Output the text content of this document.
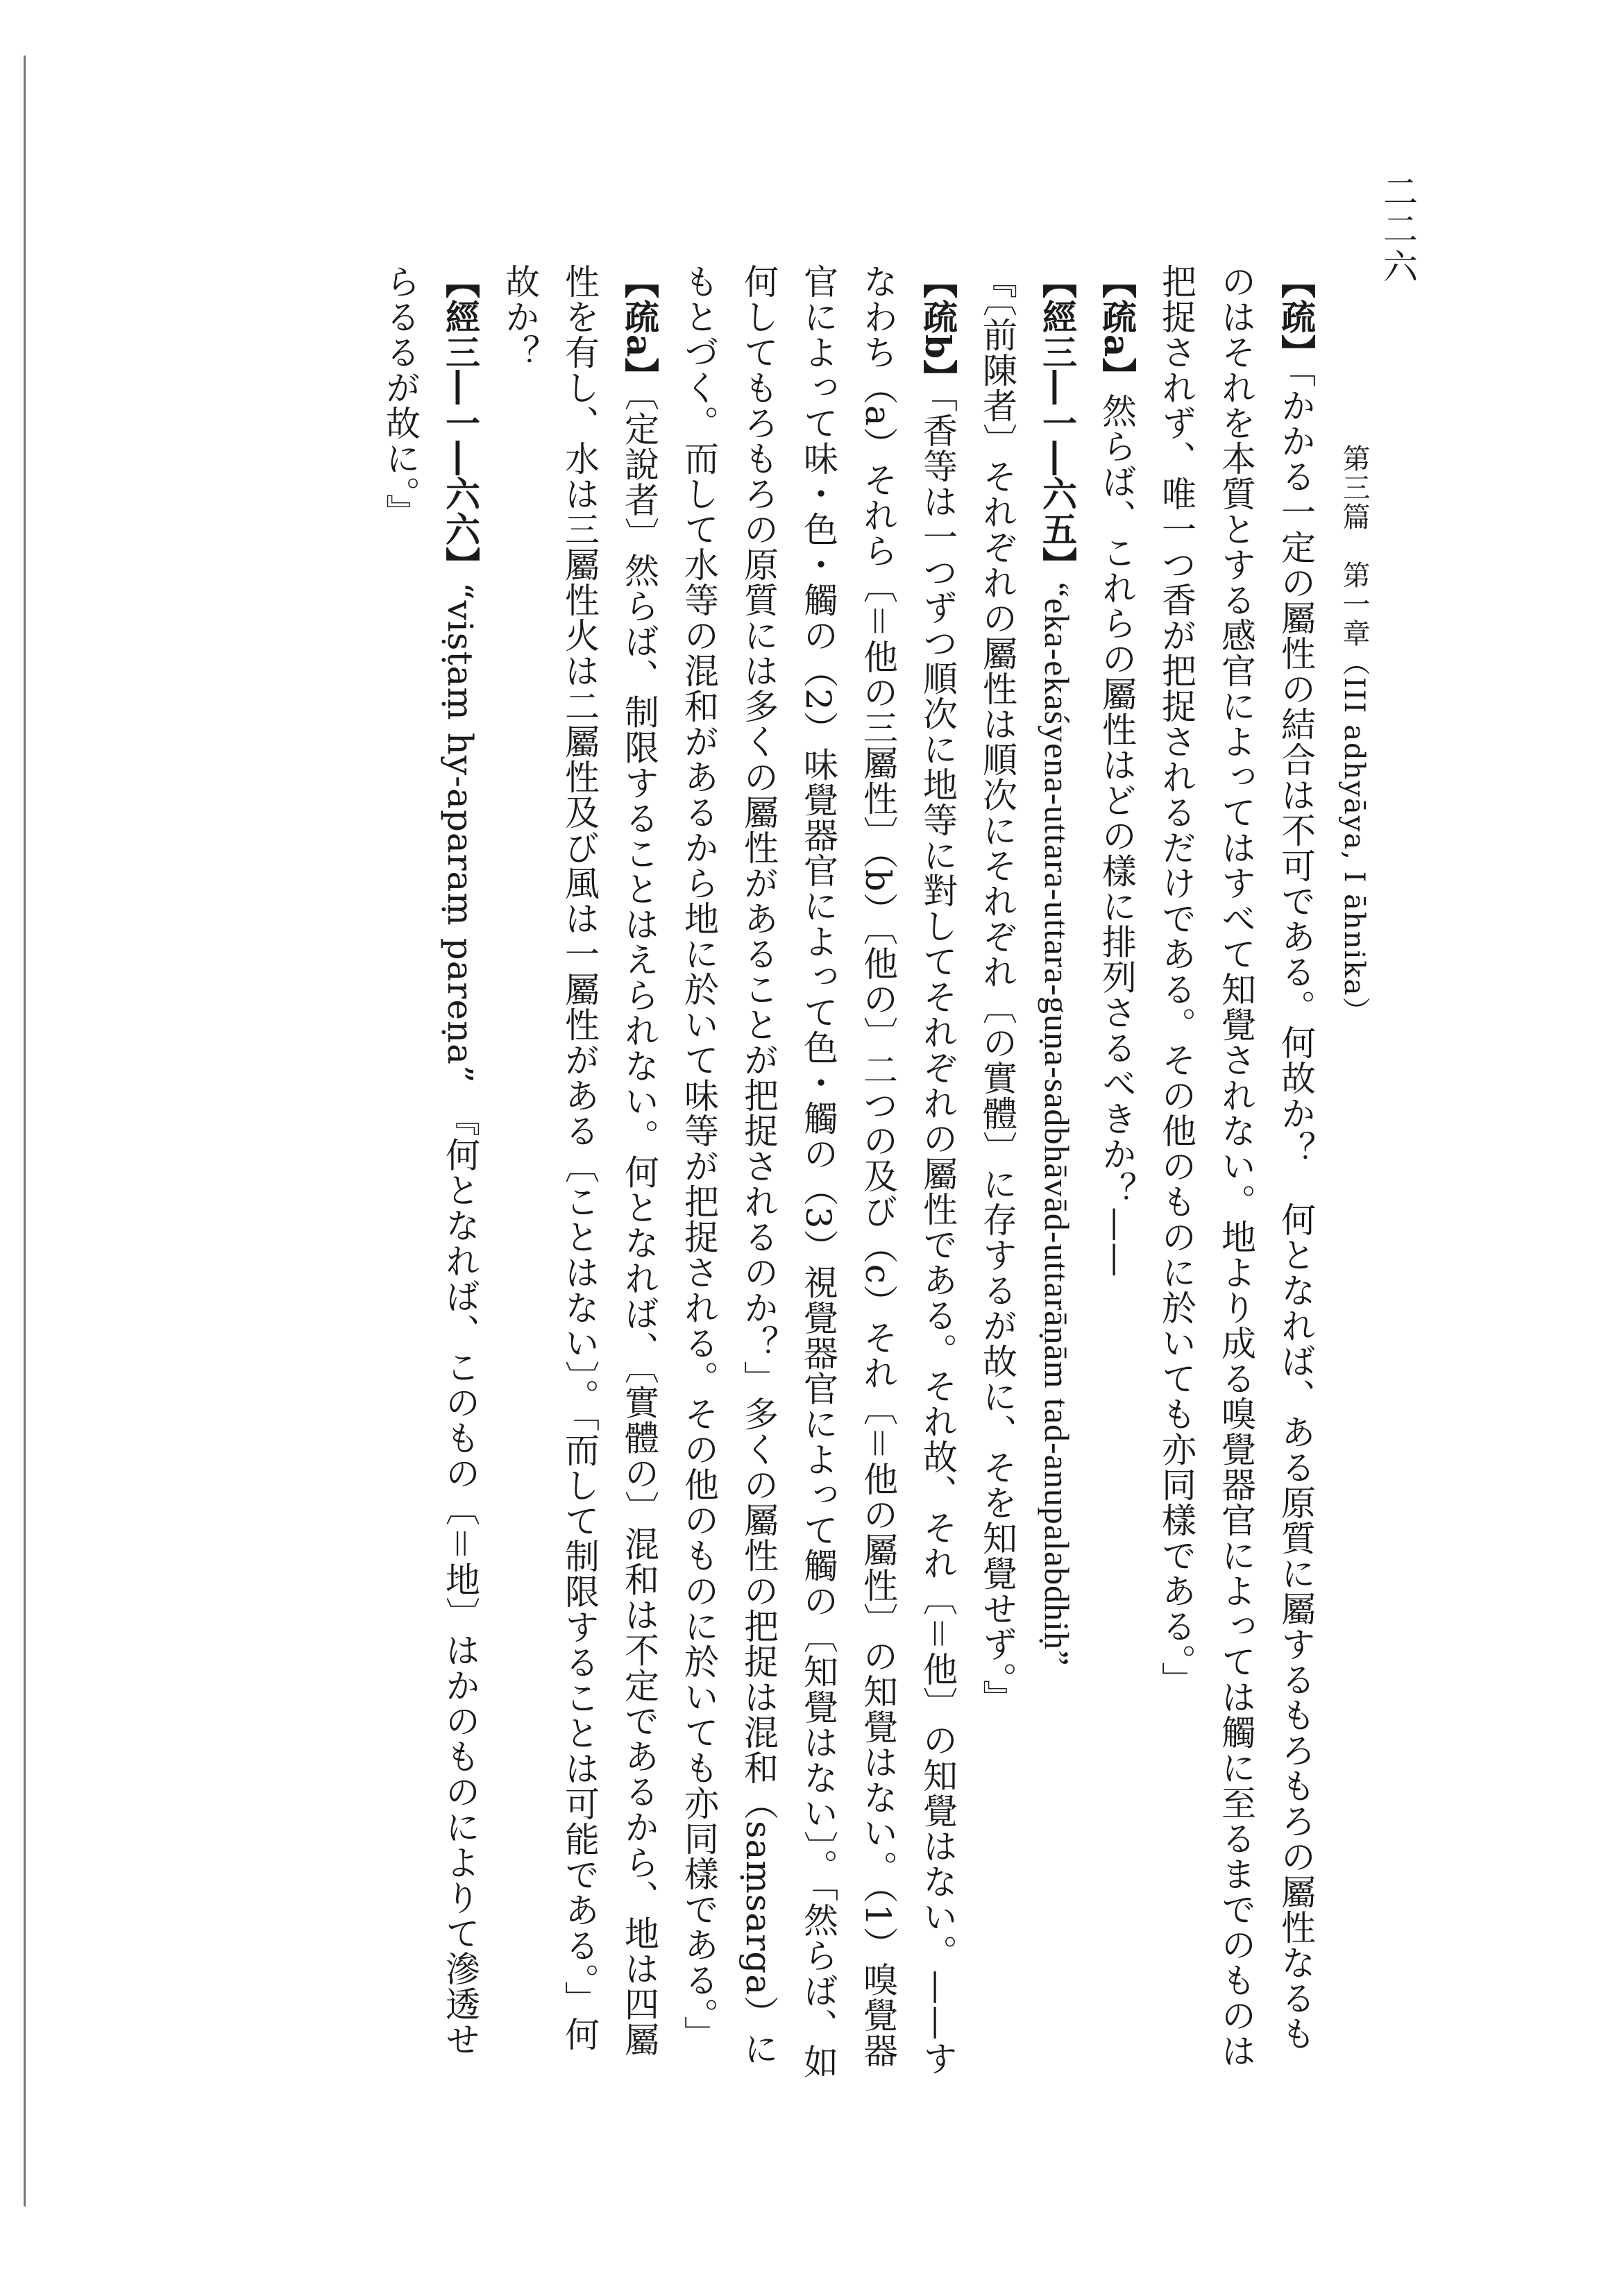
二二六
第三篇　第一章（III adhyāya, I āhnika）

【疏】「かかる一定の屬性の結合は不可である。何故か？　何となれば、ある原質に屬するもろもろの屬性なるものはそれを本質とする感官によってはすべて知覺されない。地より成る嗅覺器官によっては觸に至るまでのものは把捉されず、唯一つ香が把捉されるだけである。その他のものに於いても亦同樣である。」

【疏a】然らば、これらの屬性はどの樣に排列さるべきか？——

【經三―一―六五】“eka-ekaśyena-uttara-uttara-guṇa-sadbhāvād-uttarāṇām tad-anupalabdhiḥ”

『〔前陳者〕それぞれの屬性は順次にそれぞれ〔の實體〕に存するが故に、そを知覺せず。』

【疏b】「香等は一つずつ順次に地等に對してそれぞれの屬性である。それ故、それ〔＝他〕の知覺はない。——すなわち（a）それら〔＝他の三屬性〕（b）〔他の〕二つの及び（c）それ〔＝他の屬性〕の知覺はない。（1）嗅覺器官によって味・色・觸の（2）味覺器官によって色・觸の（3）視覺器官によって觸の〔知覺はない〕。「然らば、如何してもろもろの原質には多くの屬性があることが把捉されるのか？」多くの屬性の把捉は混和（saṃsarga）にもとづく。而して水等の混和があるから地に於いて味等が把捉される。その他のものに於いても亦同樣である。」

【疏a】〔定說者〕然らば、制限することはえられない。何となれば、〔實體の〕混和は不定であるから、地は四屬性を有し、水は三屬性火は二屬性及び風は一屬性がある〔ことはない〕。「而して制限することは可能である。」何故か？

【經三―一―六六】“viṣṭaṃ hy-aparaṃ pareṇa”　『何となれば、このもの〔＝地〕はかのものによりて滲透せらるるが故に。』
